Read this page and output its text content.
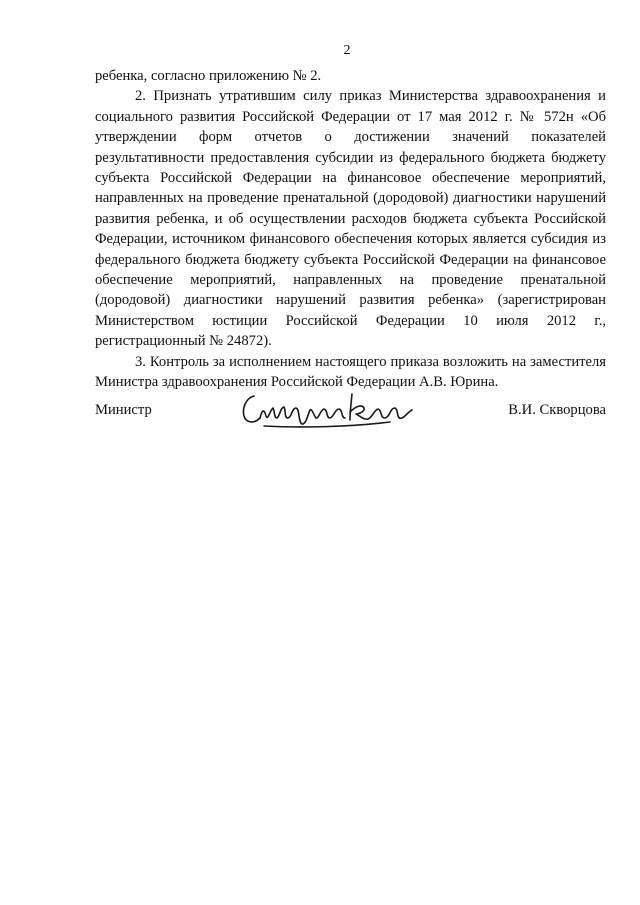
2

ребенка, согласно приложению № 2.

2. Признать утратившим силу приказ Министерства здравоохранения и социального развития Российской Федерации от 17 мая 2012 г. № 572н «Об утверждении форм отчетов о достижении значений показателей результативности предоставления субсидии из федерального бюджета бюджету субъекта Российской Федерации на финансовое обеспечение мероприятий, направленных на проведение пренатальной (дородовой) диагностики нарушений развития ребенка, и об осуществлении расходов бюджета субъекта Российской Федерации, источником финансового обеспечения которых является субсидия из федерального бюджета бюджету субъекта Российской Федерации на финансовое обеспечение мероприятий, направленных на проведение пренатальной (дородовой) диагностики нарушений развития ребенка» (зарегистрирован Министерством юстиции Российской Федерации 10 июля 2012 г., регистрационный № 24872).

3. Контроль за исполнением настоящего приказа возложить на заместителя Министра здравоохранения Российской Федерации А.В. Юрина.

Министр	В.И. Скворцова
